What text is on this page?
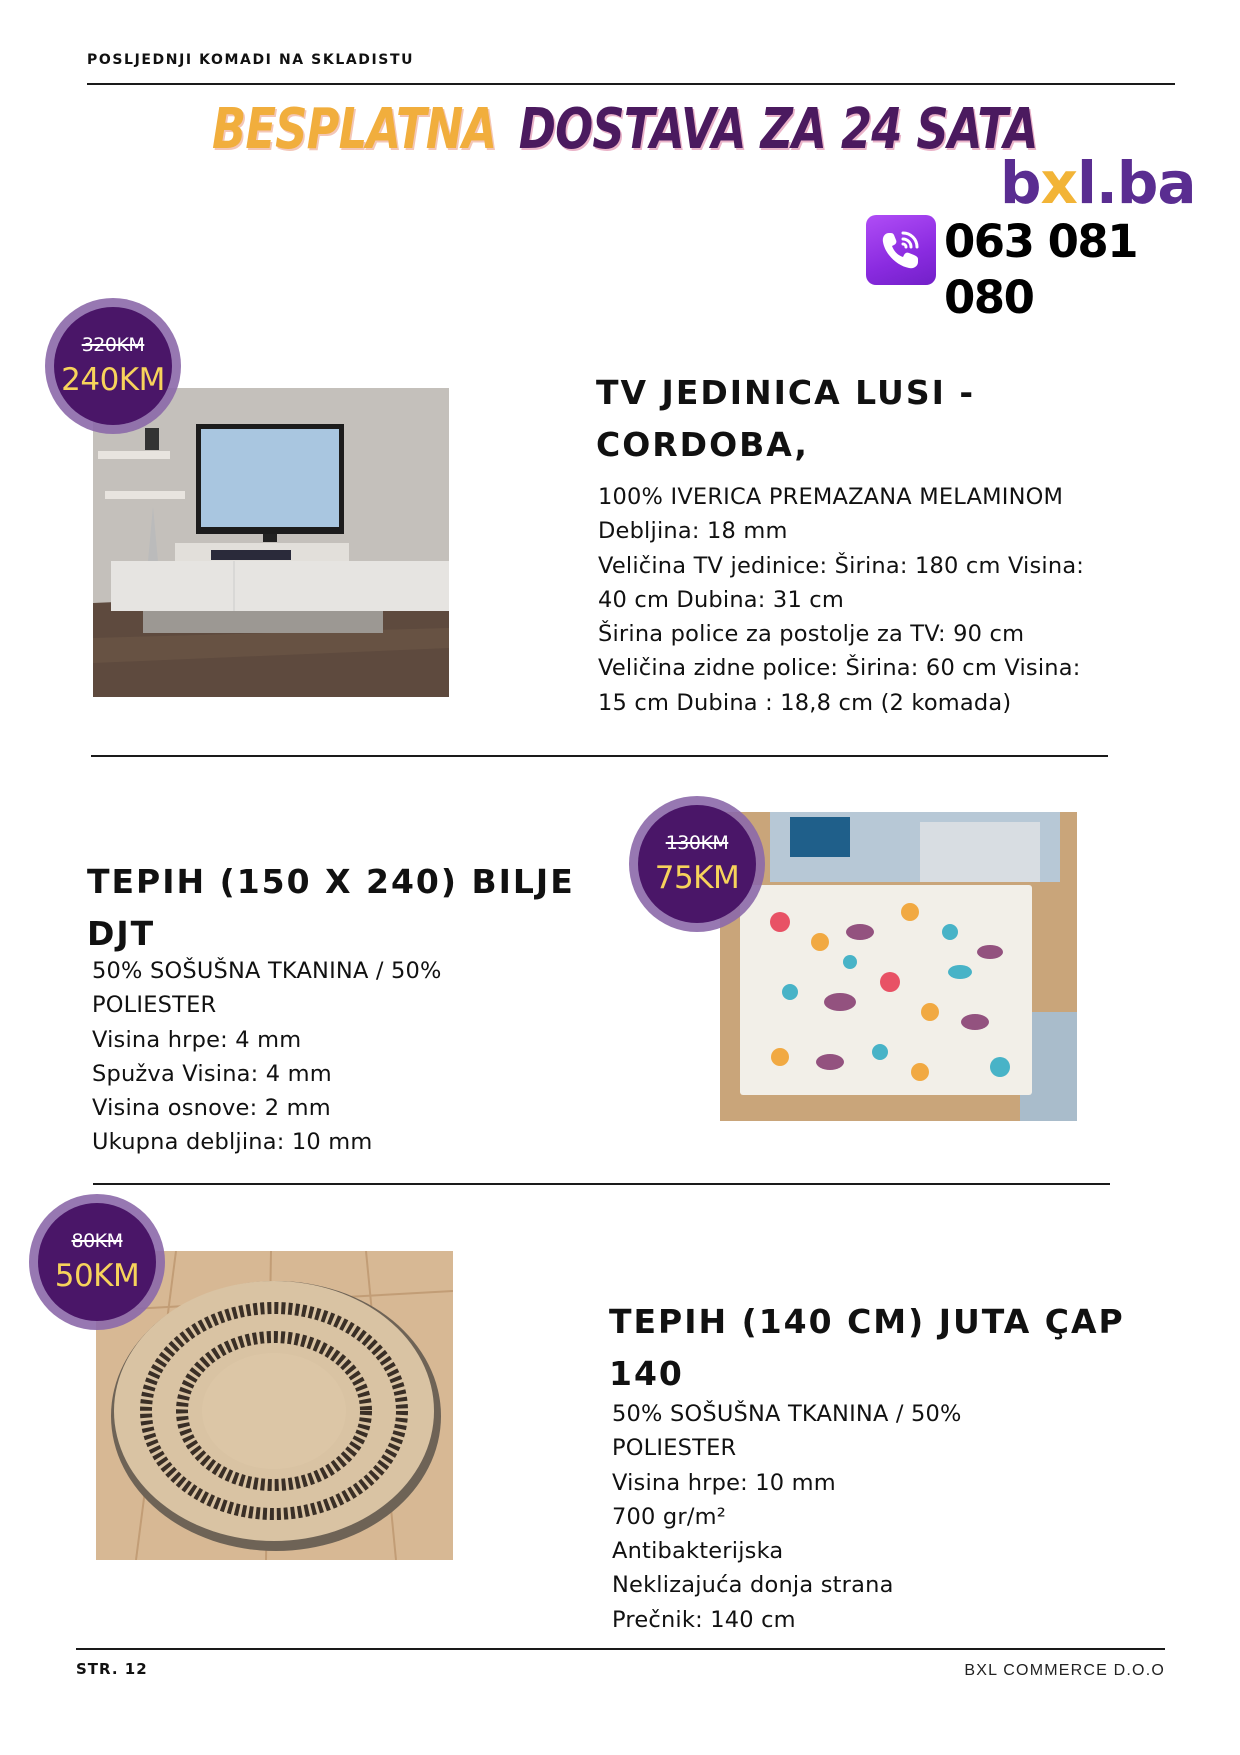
POSLJEDNJI KOMADI NA SKLADISTU
BESPLATNA DOSTAVA ZA 24 SATA
bxl.ba
063 081 080
320KM
240KM	TV JEDINICA LUSI -
CORDOBA,
100% IVERICA PREMAZANA MELAMINOM
Debljina: 18 mm
Veličina TV jedinice: Širina: 180 cm Visina:
40 cm Dubina: 31 cm
Širina police za postolje za TV: 90 cm
Veličina zidne police: Širina: 60 cm Visina:
15 cm Dubina : 18,8 cm (2 komada)
TEPIH (150 X 240) BILJE
DJT
50% SOŠUŠNA TKANINA / 50%
POLIESTER
Visina hrpe: 4 mm
Spužva Visina: 4 mm
Visina osnove: 2 mm
Ukupna debljina: 10 mm
130KM
75KM
80KM
50KM
TEPIH (140 CM) JUTA ÇAP
140
50% SOŠUŠNA TKANINA / 50%
POLIESTER
Visina hrpe: 10 mm
700 gr/m²
Antibakterijska
Neklizajuća donja strana
Prečnik: 140 cm
STR. 12	BXL COMMERCE D.O.O
